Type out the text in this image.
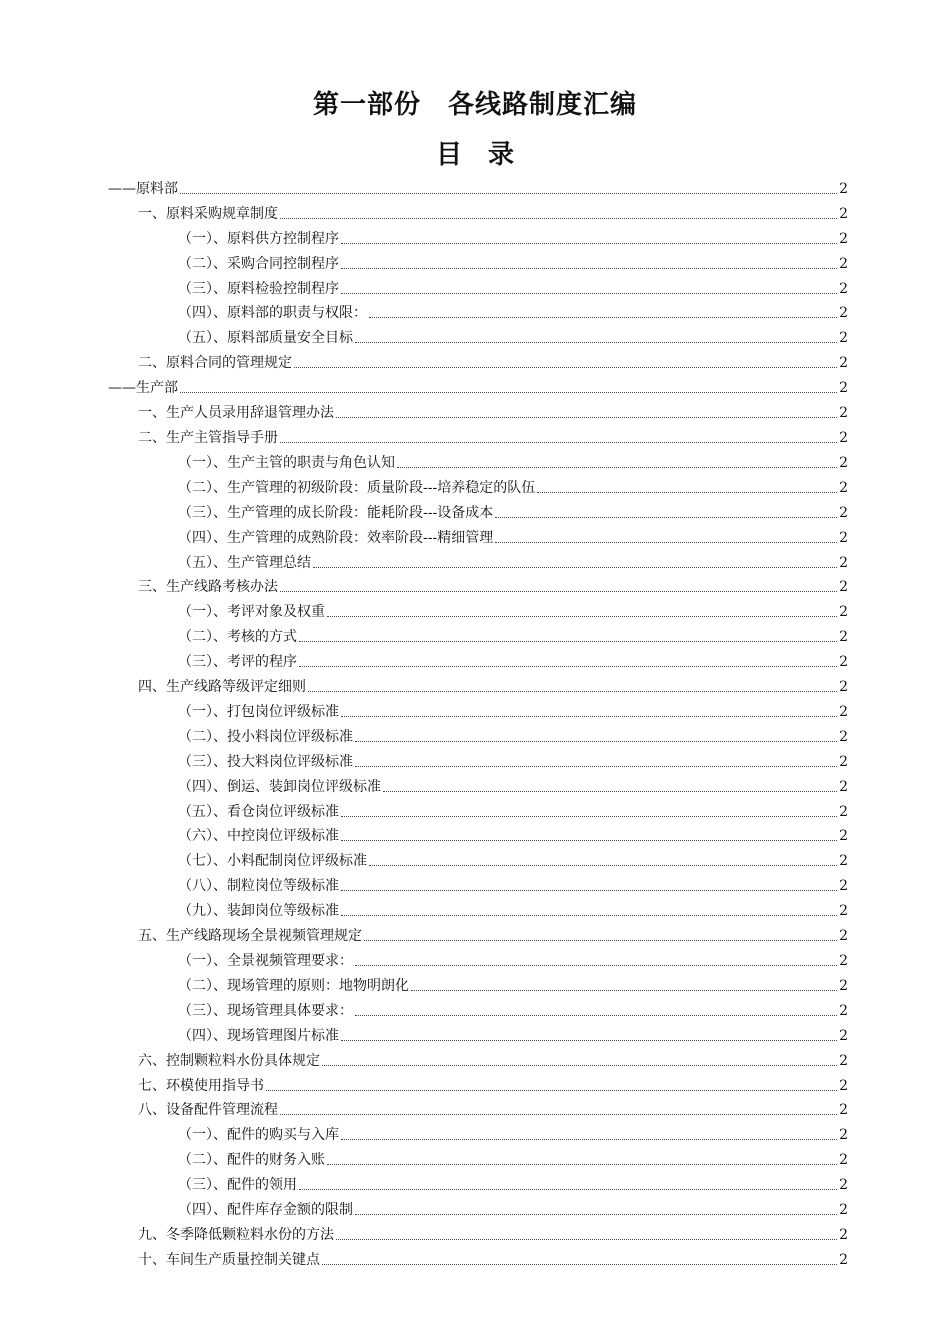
第一部份　各线路制度汇编
目　录
——原料部	2
一、原料采购规章制度	2
（一）、原料供方控制程序	2
（二）、采购合同控制程序	2
（三）、原料检验控制程序	2
（四）、原料部的职责与权限：	2
（五）、原料部质量安全目标	2
二、原料合同的管理规定	2
——生产部	2
一、生产人员录用辞退管理办法	2
二、生产主管指导手册	2
（一）、生产主管的职责与角色认知	2
（二）、生产管理的初级阶段：质量阶段---培养稳定的队伍	2
（三）、生产管理的成长阶段：能耗阶段---设备成本	2
（四）、生产管理的成熟阶段：效率阶段---精细管理	2
（五）、生产管理总结	2
三、生产线路考核办法	2
（一）、考评对象及权重	2
（二）、考核的方式	2
（三）、考评的程序	2
四、生产线路等级评定细则	2
（一）、打包岗位评级标准	2
（二）、投小料岗位评级标准	2
（三）、投大料岗位评级标准	2
（四）、倒运、装卸岗位评级标准	2
（五）、看仓岗位评级标准	2
（六）、中控岗位评级标准	2
（七）、小料配制岗位评级标准	2
（八）、制粒岗位等级标准	2
（九）、装卸岗位等级标准	2
五、生产线路现场全景视频管理规定	2
（一）、全景视频管理要求：	2
（二）、现场管理的原则：地物明朗化	2
（三）、现场管理具体要求：	2
（四）、现场管理图片标准	2
六、控制颗粒料水份具体规定	2
七、环模使用指导书	2
八、设备配件管理流程	2
（一）、配件的购买与入库	2
（二）、配件的财务入账	2
（三）、配件的领用	2
（四）、配件库存金额的限制	2
九、冬季降低颗粒料水份的方法	2
十、车间生产质量控制关键点	2
